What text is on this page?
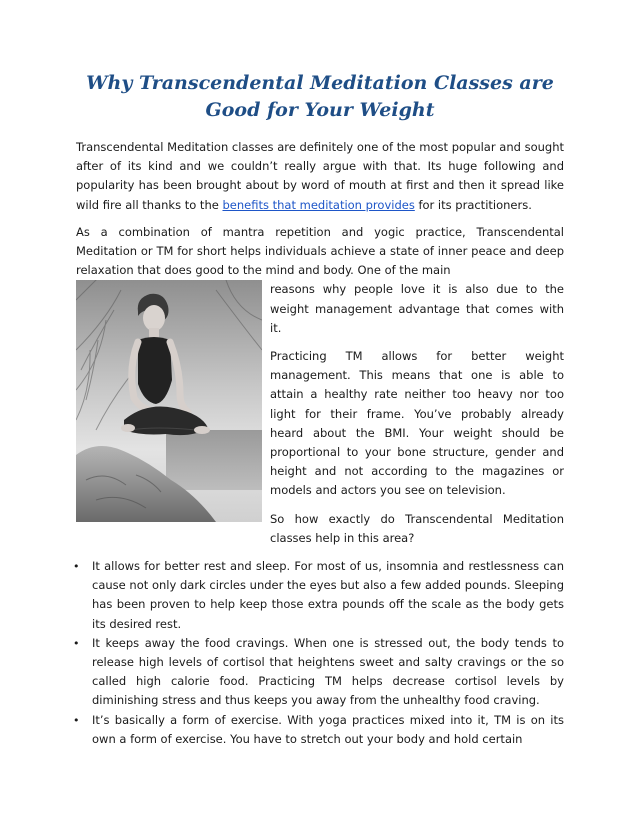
Why Transcendental Meditation Classes are
Good for Your Weight

Transcendental Meditation classes are definitely one of the most popular and sought after of its kind and we couldn’t really argue with that. Its huge following and popularity has been brought about by word of mouth at first and then it spread like wild fire all thanks to the benefits that meditation provides for its practitioners.

As a combination of mantra repetition and yogic practice, Transcendental Meditation or TM for short helps individuals achieve a state of inner peace and deep relaxation that does good to the mind and body. One of the main

reasons why people love it is also due to the weight management advantage that comes with it.

Practicing TM allows for better weight management. This means that one is able to attain a healthy rate neither too heavy nor too light for their frame. You’ve probably already heard about the BMI. Your weight should be proportional to your bone structure, gender and height and not according to the magazines or models and actors you see on television.

So how exactly do Transcendental Meditation classes help in this area?

• It allows for better rest and sleep. For most of us, insomnia and restlessness can cause not only dark circles under the eyes but also a few added pounds. Sleeping has been proven to help keep those extra pounds off the scale as the body gets its desired rest.
• It keeps away the food cravings. When one is stressed out, the body tends to release high levels of cortisol that heightens sweet and salty cravings or the so called high calorie food. Practicing TM helps decrease cortisol levels by diminishing stress and thus keeps you away from the unhealthy food craving.
• It’s basically a form of exercise. With yoga practices mixed into it, TM is on its own a form of exercise. You have to stretch out your body and hold certain
